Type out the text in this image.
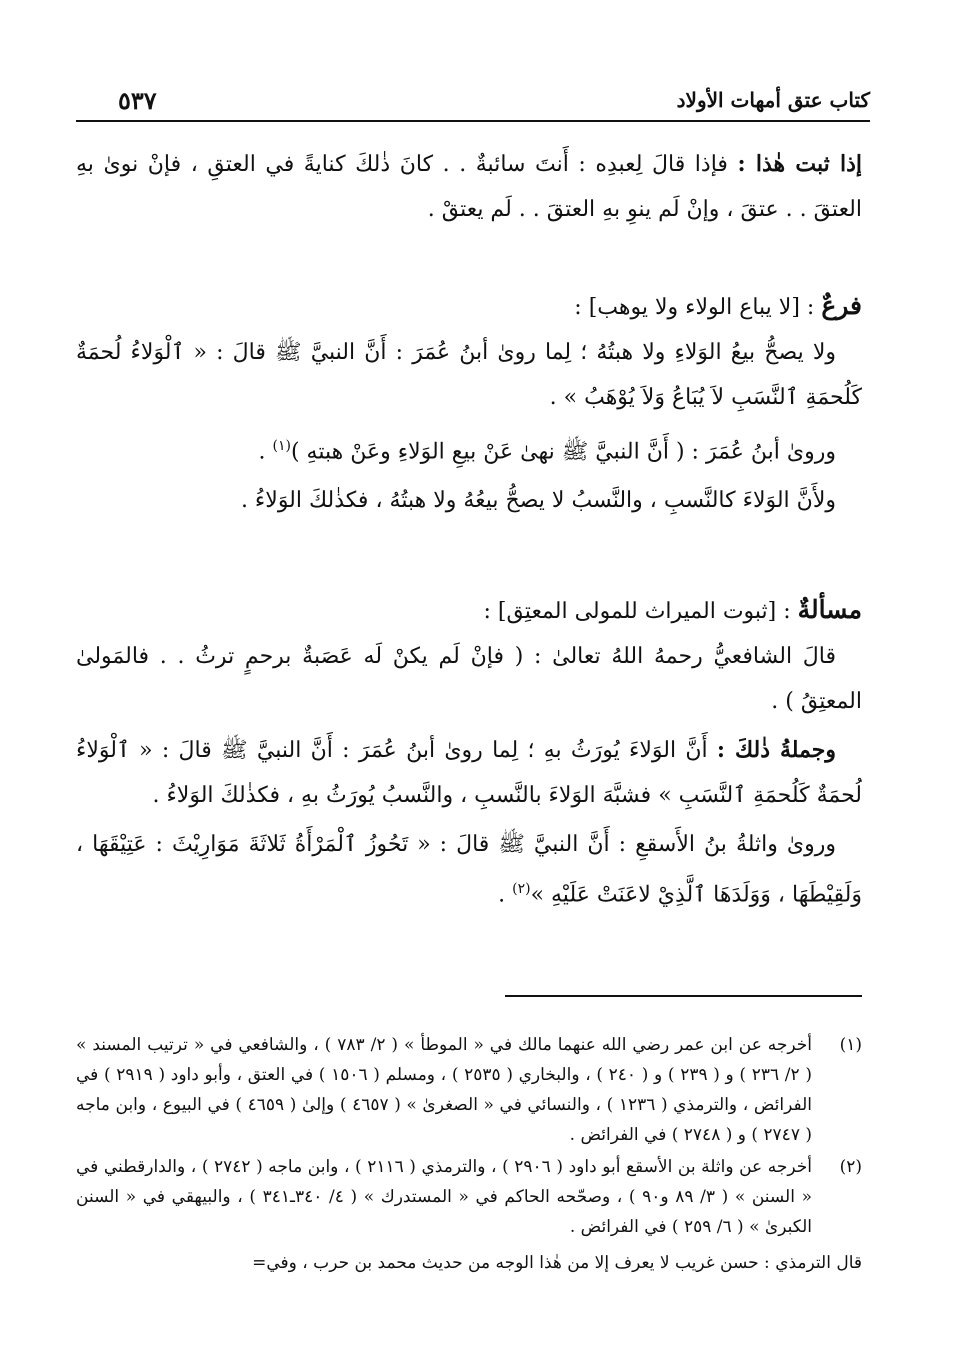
كتاب عتق أمهات الأولاد
٥٣٧

إذا ثبت هٰذا : فإذا قالَ لِعبدِه : أَنتَ سائبةٌ . . كانَ ذٰلكَ كنايةً في العتقِ ، فإنْ نوىٰ بهِ العتقَ . . عتقَ ، وإنْ لَم ينوِ بهِ العتقَ . . لَم يعتقْ .

فرعٌ : [لا يباع الولاء ولا يوهب] :

ولا يصحُّ بيعُ الوَلاءِ ولا هبتُهُ ؛ لِما روىٰ أبنُ عُمَرَ : أَنَّ النبيَّ ﷺ قالَ : « ٱلْوَلاءُ لُحمَةٌ كَلُحمَةِ ٱلنَّسَبِ لاَ يُبَاعُ وَلاَ يُوْهَبُ » .

وروىٰ أبنُ عُمَرَ : ( أَنَّ النبيَّ ﷺ نهىٰ عَنْ بيعِ الوَلاءِ وعَنْ هبتهِ )$^{(١)}$ .

ولأَنَّ الوَلاءَ كالنَّسبِ ، والنَّسبُ لا يصحُّ بيعُهُ ولا هبتُهُ ، فكذٰلكَ الوَلاءُ .

مسألةٌ : [ثبوت الميراث للمولى المعتِق] :

قالَ الشافعيُّ رحمهُ اللهُ تعالىٰ : ( فإنْ لَم يكنْ لَه عَصَبةٌ برحمٍ ترثُ . . فالمَولىٰ المعتِقُ ) .

وجملةُ ذٰلكَ : أَنَّ الوَلاءَ يُورَثُ بهِ ؛ لِما روىٰ أبنُ عُمَرَ : أَنَّ النبيَّ ﷺ قالَ : « ٱلْوَلاءُ لُحمَةٌ كَلُحمَةِ ٱلنَّسَبِ » فشبَّهَ الوَلاءَ بالنَّسبِ ، والنَّسبُ يُورَثُ بهِ ، فكذٰلكَ الوَلاءُ .

وروىٰ واثلةُ بنُ الأَسقعِ : أَنَّ النبيَّ ﷺ قالَ : « تَحُوزُ ٱلْمَرْأَةُ ثَلاثَةَ مَوَارِيْثَ : عَتِيْقَهَا ، وَلَقِيْطَهَا ، وَوَلَدَهَا ٱلَّذِيْ لاعَنَتْ عَلَيْهِ »$^{(٢)}$ .

(١)
أخرجه عن ابن عمر رضي الله عنهما مالك في « الموطأ » ( ٢/ ٧٨٣ ) ، والشافعي في « ترتيب المسند » ( ٢/ ٢٣٦ ) و ( ٢٣٩ ) و ( ٢٤٠ ) ، والبخاري ( ٢٥٣٥ ) ، ومسلم ( ١٥٠٦ ) في العتق ، وأبو داود ( ٢٩١٩ ) في الفرائض ، والترمذي ( ١٢٣٦ ) ، والنسائي في « الصغرىٰ » ( ٤٦٥٧ ) وإلىٰ ( ٤٦٥٩ ) في البيوع ، وابن ماجه ( ٢٧٤٧ ) و ( ٢٧٤٨ ) في الفرائض .
(٢)
أخرجه عن واثلة بن الأسقع أبو داود ( ٢٩٠٦ ) ، والترمذي ( ٢١١٦ ) ، وابن ماجه ( ٢٧٤٢ ) ، والدارقطني في « السنن » ( ٣/ ٨٩ و٩٠ ) ، وصحّحه الحاكم في « المستدرك » ( ٤/ ٣٤٠ـ٣٤١ ) ، والبيهقي في « السنن الكبرىٰ » ( ٦/ ٢٥٩ ) في الفرائض .

قال الترمذي : حسن غريب لا يعرف إلا من هٰذا الوجه من حديث محمد بن حرب ، وفي=
